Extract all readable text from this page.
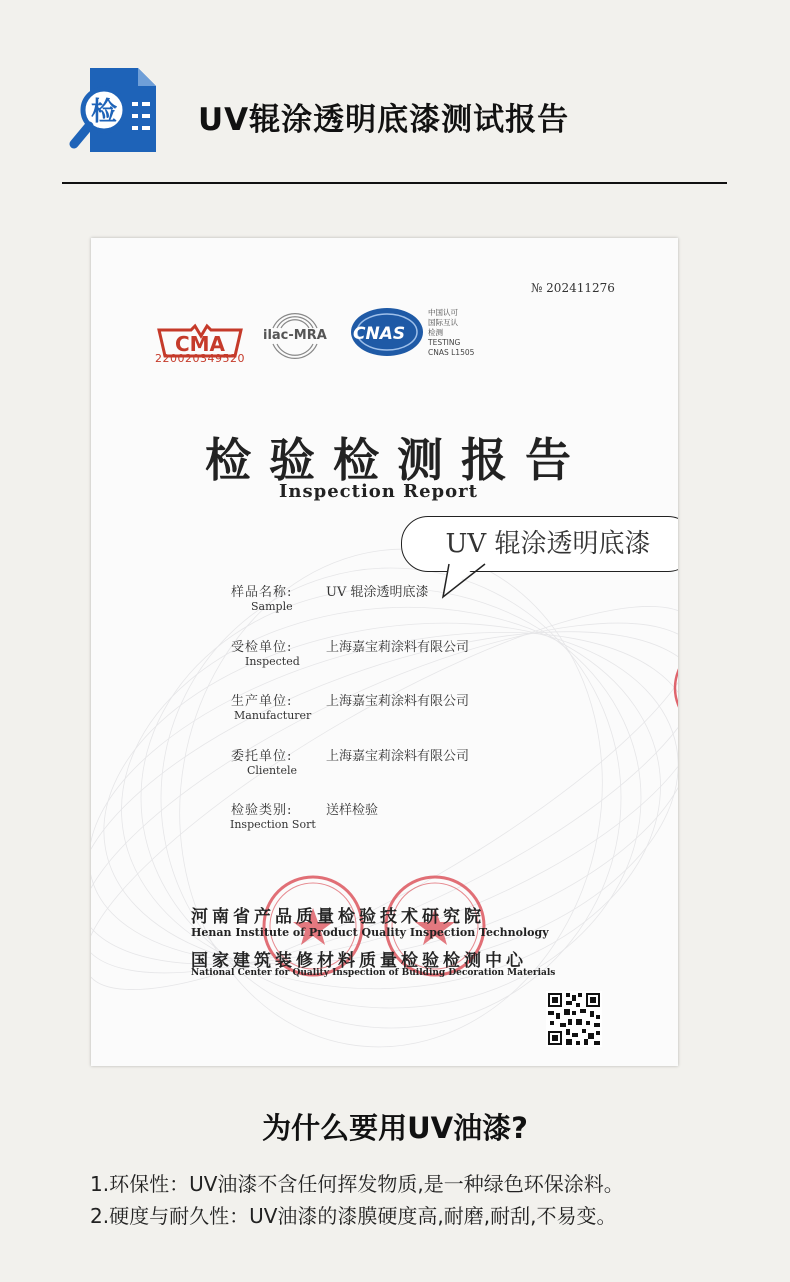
检	UV辊涂透明底漆测试报告
№ 202411276
CMA
220020349520
ilac-MRA CNAS
中国认可
国际互认
检测
TESTING
CNAS L1505
检验检测报告
Inspection Report
样品名称:
Sample
UV 辊涂透明底漆
受检单位:
Inspected
上海嘉宝莉涂料有限公司
生产单位:
Manufacturer
上海嘉宝莉涂料有限公司
委托单位:
Clientele
上海嘉宝莉涂料有限公司
检验类别:
Inspection Sort
送样检验
UV 辊涂透明底漆
河南省产品质量检验技术研究院
Henan Institute of Product Quality Inspection Technology
国家建筑装修材料质量检验检测中心
National Center for Quality Inspection of Building Decoration Materials
为什么要用UV油漆?
1.环保性：UV油漆不含任何挥发物质,是一种绿色环保涂料。
2.硬度与耐久性：UV油漆的漆膜硬度高,耐磨,耐刮,不易变。
